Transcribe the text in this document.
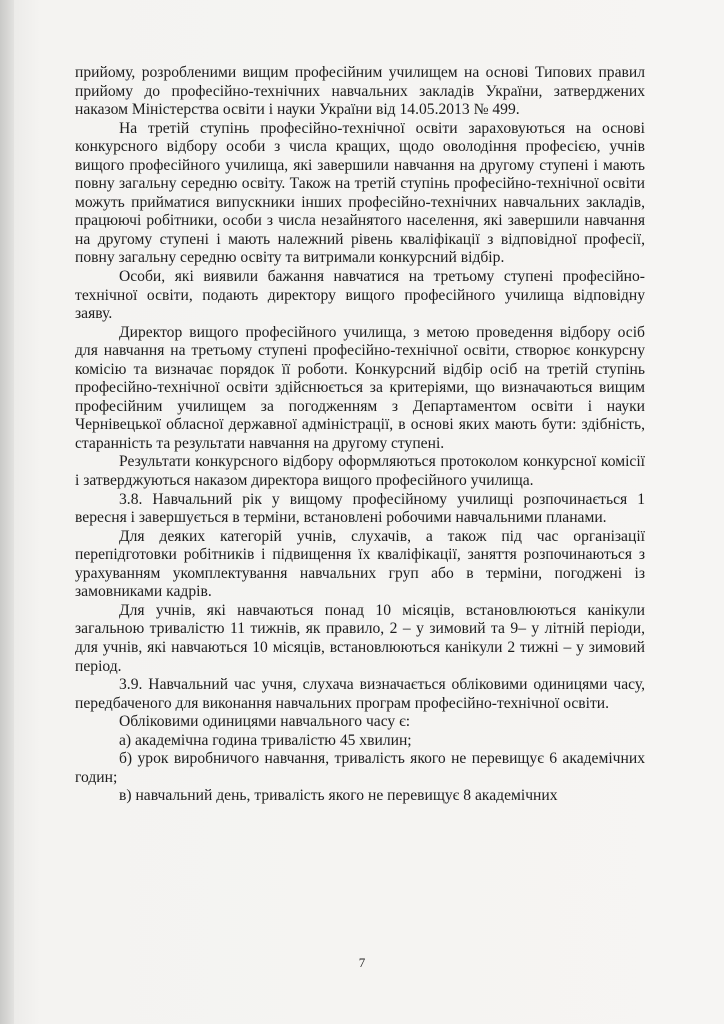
прийому, розробленими вищим професійним училищем на основі Типових правил прийому до професійно-технічних навчальних закладів України, затверджених наказом Міністерства освіти і науки України від 14.05.2013 № 499.

На третій ступінь професійно-технічної освіти зараховуються на основі конкурсного відбору особи з числа кращих, щодо оволодіння професією, учнів вищого професійного училища, які завершили навчання на другому ступені і мають повну загальну середню освіту. Також на третій ступінь професійно-технічної освіти можуть прийматися випускники інших професійно-технічних навчальних закладів, працюючі робітники, особи з числа незайнятого населення, які завершили навчання на другому ступені і мають належний рівень кваліфікації з відповідної професії, повну загальну середню освіту та витримали конкурсний відбір.

Особи, які виявили бажання навчатися на третьому ступені професійно-технічної освіти, подають директору вищого професійного училища відповідну заяву.

Директор вищого професійного училища, з метою проведення відбору осіб для навчання на третьому ступені професійно-технічної освіти, створює конкурсну комісію та визначає порядок її роботи. Конкурсний відбір осіб на третій ступінь професійно-технічної освіти здійснюється за критеріями, що визначаються вищим професійним училищем за погодженням з Департаментом освіти і науки Чернівецької обласної державної адміністрації, в основі яких мають бути: здібність, старанність та результати навчання на другому ступені.

Результати конкурсного відбору оформляються протоколом конкурсної комісії і затверджуються наказом директора вищого професійного училища.

3.8. Навчальний рік у вищому професійному училищі розпочинається 1 вересня і завершується в терміни, встановлені робочими навчальними планами.

Для деяких категорій учнів, слухачів, а також під час організації перепідготовки робітників і підвищення їх кваліфікації, заняття розпочинаються з урахуванням укомплектування навчальних груп або в терміни, погоджені із замовниками кадрів.

Для учнів, які навчаються понад 10 місяців, встановлюються канікули загальною тривалістю 11 тижнів, як правило, 2 – у зимовий та 9– у літній періоди, для учнів, які навчаються 10 місяців, встановлюються канікули 2 тижні – у зимовий період.

3.9. Навчальний час учня, слухача визначається обліковими одиницями часу, передбаченого для виконання навчальних програм професійно-технічної освіти.

Обліковими одиницями навчального часу є:

а) академічна година тривалістю 45 хвилин;

б) урок виробничого навчання, тривалість якого не перевищує 6 академічних годин;

в) навчальний день, тривалість якого не перевищує 8 академічних

7
